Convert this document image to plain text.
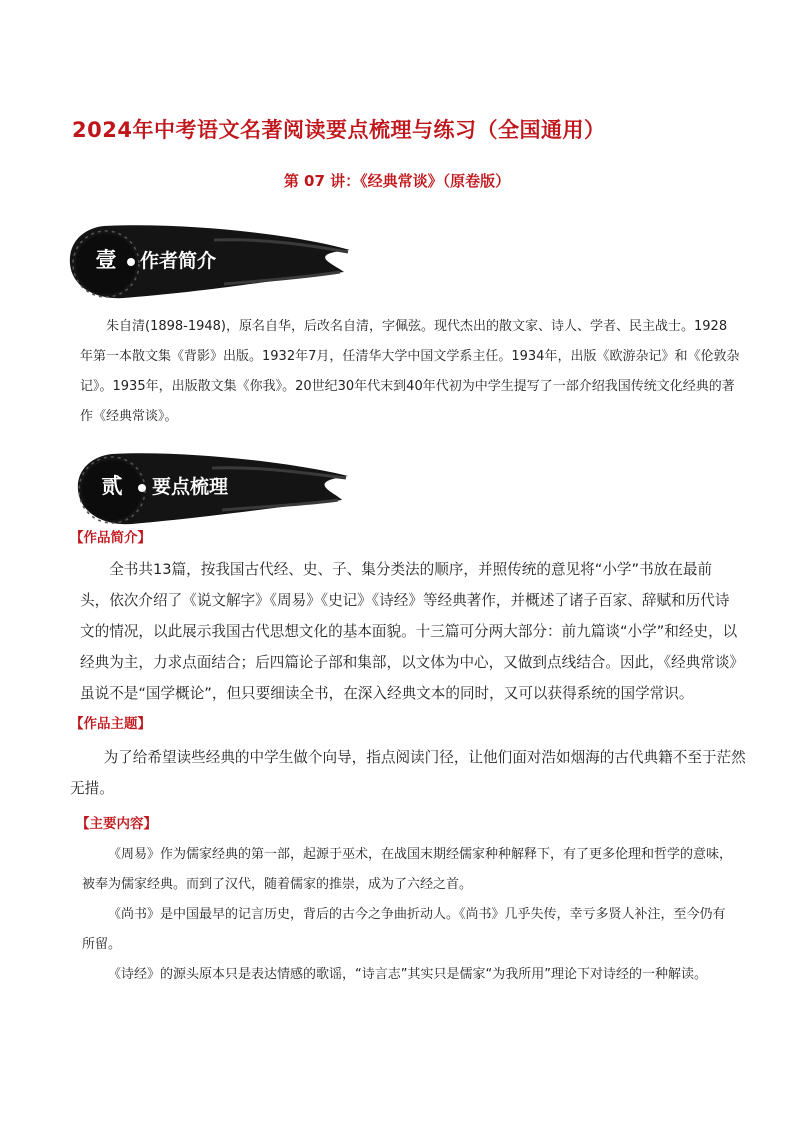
2024年中考语文名著阅读要点梳理与练习（全国通用）
第 07 讲：《经典常谈》（原卷版）
壹	作者简介

朱自清(1898-1948)，原名自华，后改名自清，字佩弦。现代杰出的散文家、诗人、学者、民主战士。1928年第一本散文集《背影》出版。1932年7月，任清华大学中国文学系主任。1934年，出版《欧游杂记》和《伦敦杂记》。1935年，出版散文集《你我》。20世纪30年代末到40年代初为中学生提写了一部介绍我国传统文化经典的著作《经典常谈》。

贰	要点梳理
【作品简介】

全书共13篇，按我国古代经、史、子、集分类法的顺序，并照传统的意见将“小学”书放在最前头，依次介绍了《说文解字》《周易》《史记》《诗经》等经典著作，并概述了诸子百家、辞赋和历代诗文的情况，以此展示我国古代思想文化的基本面貌。十三篇可分两大部分：前九篇谈“小学”和经史，以经典为主，力求点面结合；后四篇论子部和集部，以文体为中心，又做到点线结合。因此，《经典常谈》虽说不是“国学概论”，但只要细读全书，在深入经典文本的同时，又可以获得系统的国学常识。

【作品主题】

为了给希望读些经典的中学生做个向导，指点阅读门径，让他们面对浩如烟海的古代典籍不至于茫然无措。

【主要内容】

《周易》作为儒家经典的第一部，起源于巫术，在战国末期经儒家种种解释下，有了更多伦理和哲学的意味，被奉为儒家经典。而到了汉代，随着儒家的推崇，成为了六经之首。

《尚书》是中国最早的记言历史，背后的古今之争曲折动人。《尚书》几乎失传，幸亏多贤人补注，至今仍有所留。

《诗经》的源头原本只是表达情感的歌谣，“诗言志”其实只是儒家“为我所用”理论下对诗经的一种解读。
